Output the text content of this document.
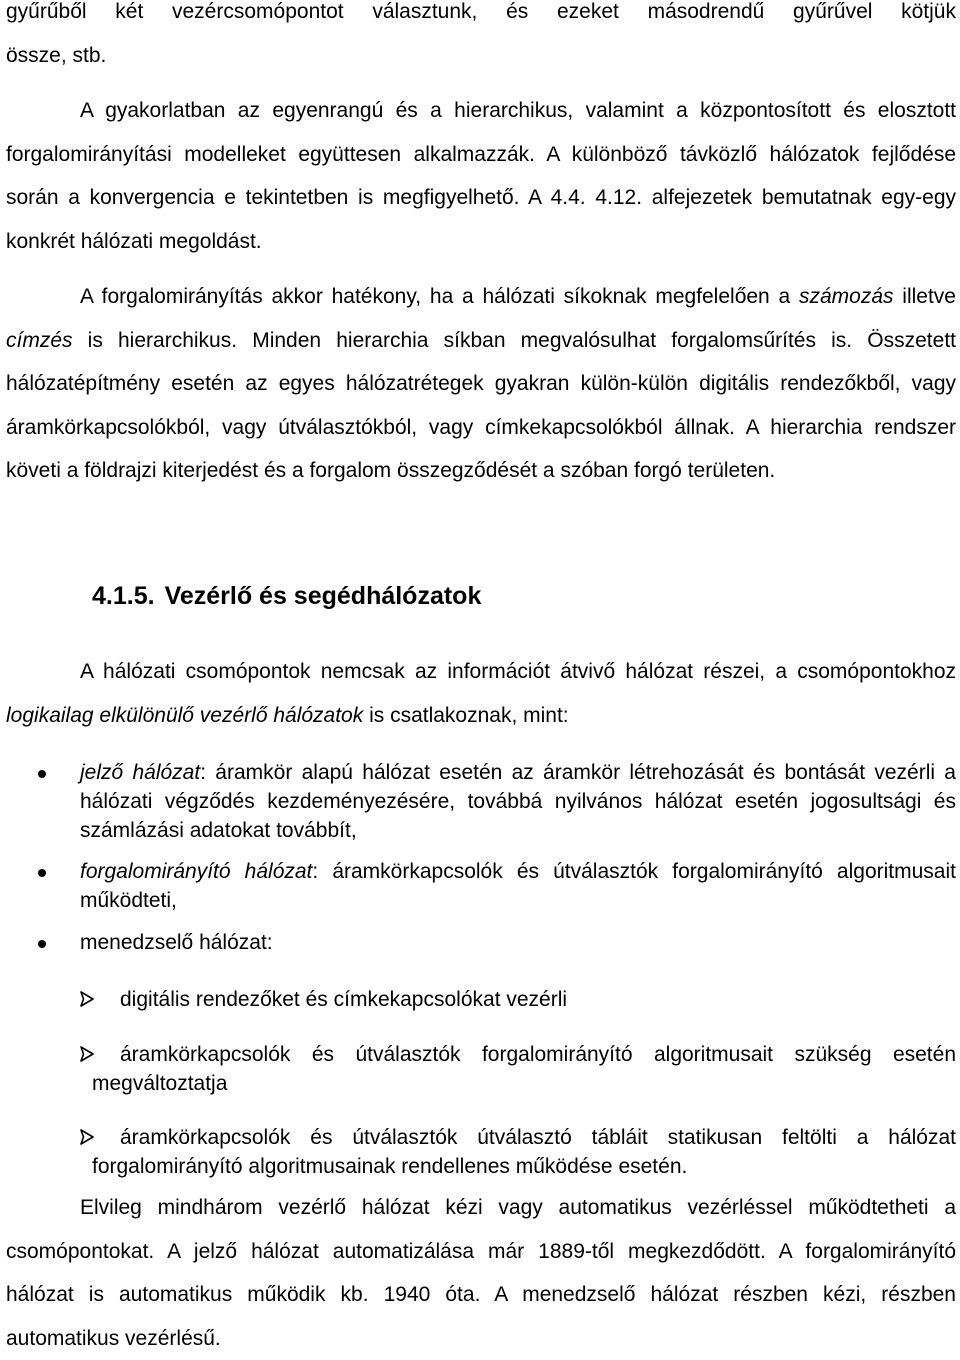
gyűrűből két vezércsomópontot választunk, és ezeket másodrendű gyűrűvel kötjük
össze, stb.

A gyakorlatban az egyenrangú és a hierarchikus, valamint a központosított és elosztott forgalomirányítási modelleket együttesen alkalmazzák. A különböző távközlő hálózatok fejlődése során a konvergencia e tekintetben is megfigyelhető. A 4.4. 4.12. alfejezetek bemutatnak egy-egy konkrét hálózati megoldást.

A forgalomirányítás akkor hatékony, ha a hálózati síkoknak megfelelően a számozás illetve címzés is hierarchikus. Minden hierarchia síkban megvalósulhat forgalomsűrítés is. Összetett hálózatépítmény esetén az egyes hálózatrétegek gyakran külön-külön digitális rendezőkből, vagy áramkörkapcsolókból, vagy útválasztókból, vagy címkekapcsolókból állnak. A hierarchia rendszer követi a földrajzi kiterjedést és a forgalom összegződését a szóban forgó területen.

4.1.5. Vezérlő és segédhálózatok

A hálózati csomópontok nemcsak az információt átvivő hálózat részei, a csomópontokhoz logikailag elkülönülő vezérlő hálózatok is csatlakoznak, mint:

jelző hálózat: áramkör alapú hálózat esetén az áramkör létrehozását és bontását vezérli a hálózati végződés kezdeményezésére, továbbá nyilvános hálózat esetén jogosultsági és számlázási adatokat továbbít,

forgalomirányító hálózat: áramkörkapcsolók és útválasztók forgalomirányító algoritmusait működteti,

menedzselő hálózat:

digitális rendezőket és címkekapcsolókat vezérli

áramkörkapcsolók és útválasztók forgalomirányító algoritmusait szükség esetén megváltoztatja

áramkörkapcsolók és útválasztók útválasztó tábláit statikusan feltölti a hálózat forgalomirányító algoritmusainak rendellenes működése esetén.

Elvileg mindhárom vezérlő hálózat kézi vagy automatikus vezérléssel működtetheti a csomópontokat. A jelző hálózat automatizálása már 1889-től megkezdődött. A forgalomirányító hálózat is automatikus működik kb. 1940 óta. A menedzselő hálózat részben kézi, részben automatikus vezérlésű.
